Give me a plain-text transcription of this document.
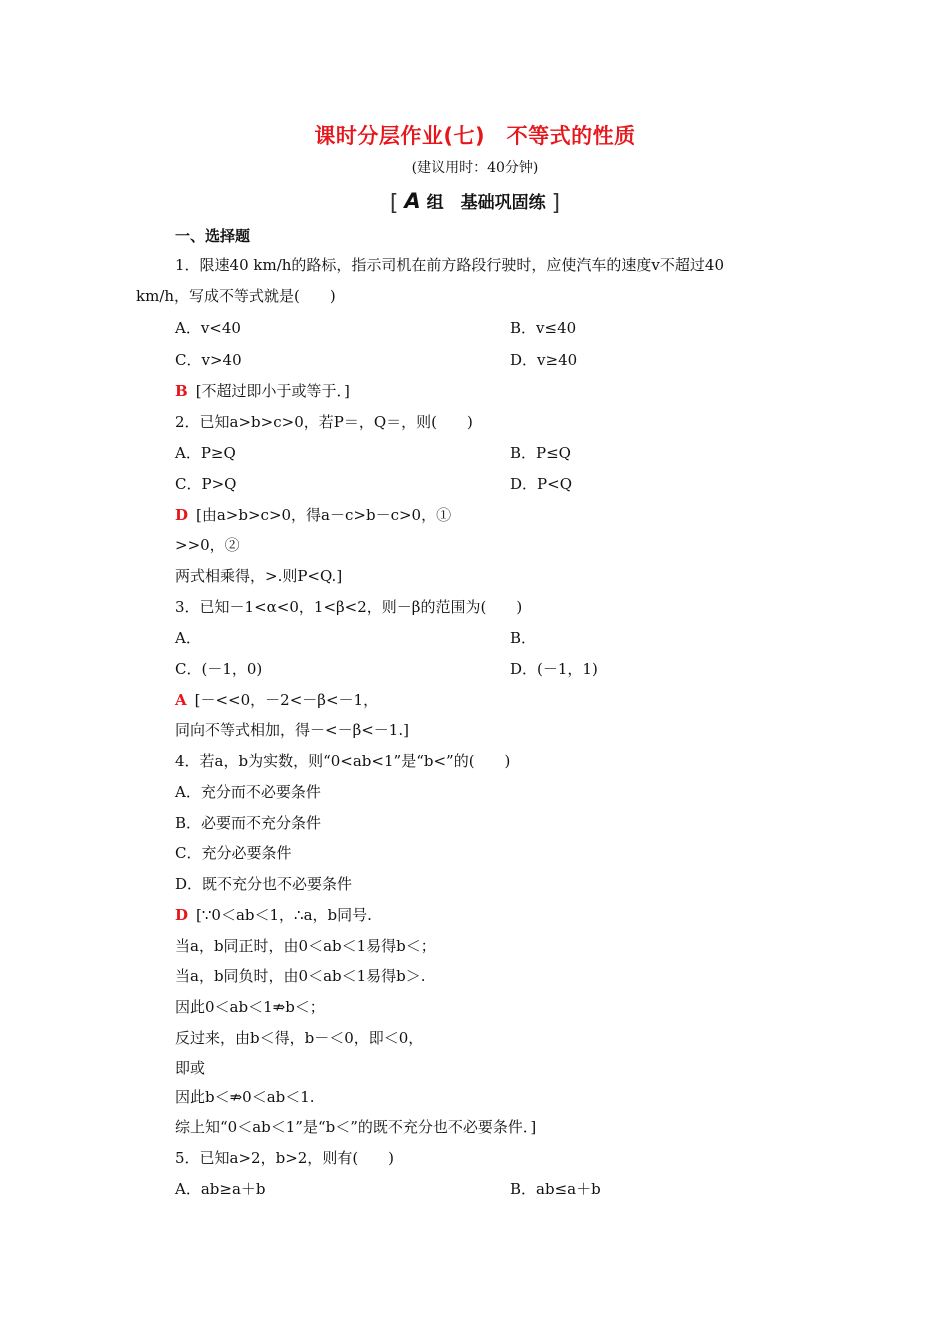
课时分层作业(七)　不等式的性质
(建议用时：40分钟)
[ A 组　基础巩固练 ]
一、选择题
1．限速40 km/h的路标，指示司机在前方路段行驶时，应使汽车的速度v不超过40
km/h，写成不等式就是(　　)
A．v<40	B．v≤40
C．v>40	D．v≥40
B [不超过即小于或等于．]
2．已知a>b>c>0，若P＝，Q＝，则(　　)
A．P≥Q	B．P≤Q
C．P>Q	D．P<Q
D [由a>b>c>0，得a－c>b－c>0，①
>>0，②
两式相乘得，>.则P<Q.]
3．已知－1<α<0，1<β<2，则－β的范围为(　　)
A．	B．
C．(－1，0)	D．(－1，1)
A [－<<0，－2<－β<－1，
同向不等式相加，得－<－β<－1.]
4．若a，b为实数，则“0<ab<1”是“b<”的(　　)
A．充分而不必要条件
B．必要而不充分条件
C．充分必要条件
D．既不充分也不必要条件
D [∵0＜ab＜1，∴a，b同号.
当a，b同正时，由0＜ab＜1易得b＜；
当a，b同负时，由0＜ab＜1易得b＞.
因此0＜ab＜1⇏b＜；
反过来，由b＜得，b－＜0，即＜0，
即或
因此b＜⇏0＜ab＜1.
综上知“0＜ab＜1”是“b＜”的既不充分也不必要条件．]
5．已知a>2，b>2，则有(　　)
A．ab≥a＋b	B．ab≤a＋b
